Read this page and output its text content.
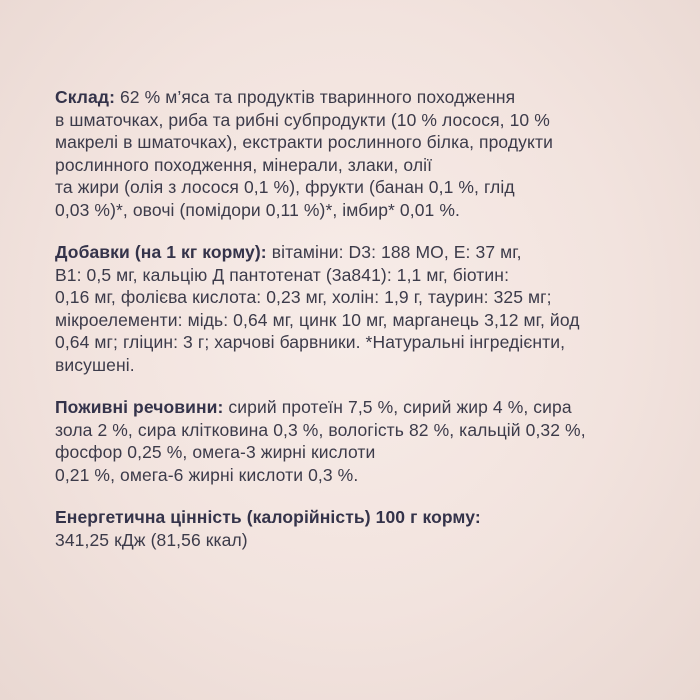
Склад: 62 % м’яса та продуктів тваринного походження
в шматочках, риба та рибні субпродукти (10 % лосося, 10 %
макрелі в шматочках), екстракти рослинного білка, продукти
рослинного походження, мінерали, злаки, олії
та жири (олія з лосося 0,1 %), фрукти (банан 0,1 %, глід
0,03 %)*, овочі (помідори 0,11 %)*, імбир* 0,01 %.

Добавки (на 1 кг корму): вітаміни: D3: 188 МО, Е: 37 мг,
B1: 0,5 мг, кальцію Д пантотенат (3a841): 1,1 мг, біотин:
0,16 мг, фолієва кислота: 0,23 мг, холін: 1,9 г, таурин: 325 мг;
мікроелементи: мідь: 0,64 мг, цинк 10 мг, марганець 3,12 мг, йод
0,64 мг; гліцин: 3 г; харчові барвники. *Натуральні інгредієнти,
висушені.

Поживні речовини: сирий протеїн 7,5 %, сирий жир 4 %, сира
зола 2 %, сира клітковина 0,3 %, вологість 82 %, кальцій 0,32 %,
фосфор 0,25 %, омега-3 жирні кислоти
0,21 %, омега-6 жирні кислоти 0,3 %.

Енергетична цінність (калорійність) 100 г корму:
341,25 кДж (81,56 ккал)
